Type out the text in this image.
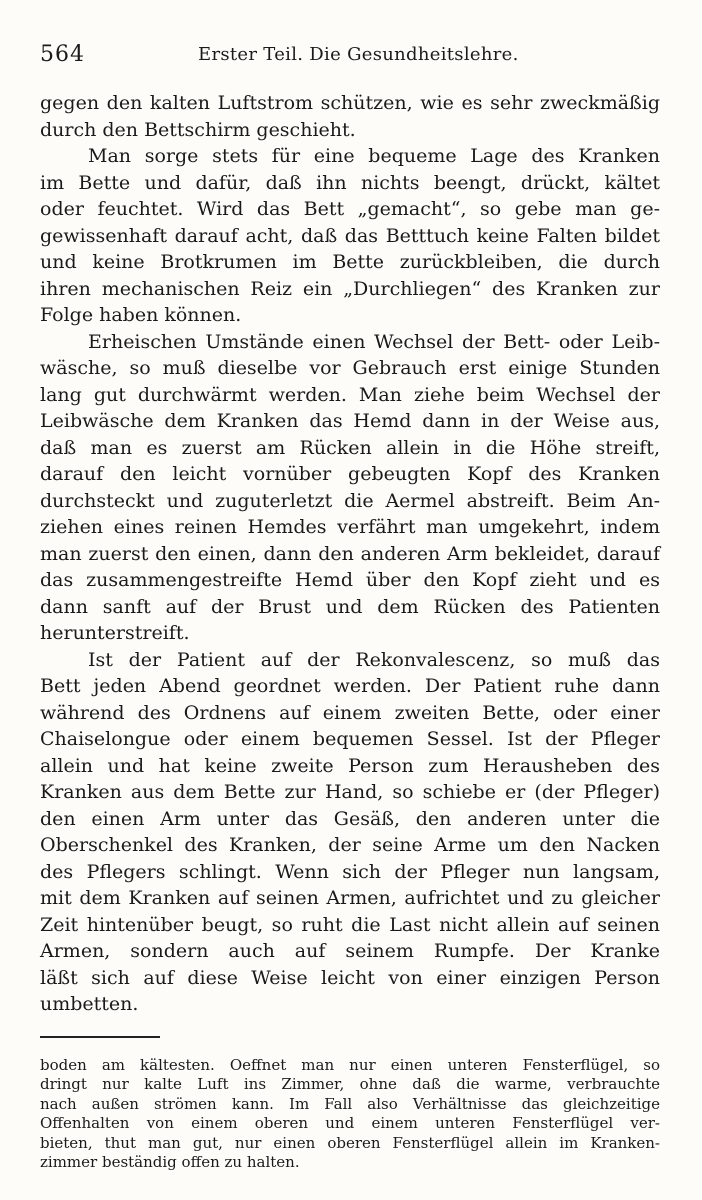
564	Erster Teil. Die Gesundheitslehre.

gegen den kalten Luftstrom schützen, wie es sehr zweckmäßig
durch den Bettschirm geschieht.

Man sorge stets für eine bequeme Lage des Kranken
im Bette und dafür, daß ihn nichts beengt, drückt, kältet
oder feuchtet. Wird das Bett „gemacht“, so gebe man ge-
gewissenhaft darauf acht, daß das Betttuch keine Falten bildet
und keine Brotkrumen im Bette zurückbleiben, die durch
ihren mechanischen Reiz ein „Durchliegen“ des Kranken zur
Folge haben können.

Erheischen Umstände einen Wechsel der Bett- oder Leib-
wäsche, so muß dieselbe vor Gebrauch erst einige Stunden
lang gut durchwärmt werden. Man ziehe beim Wechsel der
Leibwäsche dem Kranken das Hemd dann in der Weise aus,
daß man es zuerst am Rücken allein in die Höhe streift,
darauf den leicht vornüber gebeugten Kopf des Kranken
durchsteckt und zuguterletzt die Aermel abstreift. Beim An-
ziehen eines reinen Hemdes verfährt man umgekehrt, indem
man zuerst den einen, dann den anderen Arm bekleidet, darauf
das zusammengestreifte Hemd über den Kopf zieht und es
dann sanft auf der Brust und dem Rücken des Patienten
herunterstreift.

Ist der Patient auf der Rekonvalescenz, so muß das
Bett jeden Abend geordnet werden. Der Patient ruhe dann
während des Ordnens auf einem zweiten Bette, oder einer
Chaiselongue oder einem bequemen Sessel. Ist der Pfleger
allein und hat keine zweite Person zum Herausheben des
Kranken aus dem Bette zur Hand, so schiebe er (der Pfleger)
den einen Arm unter das Gesäß, den anderen unter die
Oberschenkel des Kranken, der seine Arme um den Nacken
des Pflegers schlingt. Wenn sich der Pfleger nun langsam,
mit dem Kranken auf seinen Armen, aufrichtet und zu gleicher
Zeit hintenüber beugt, so ruht die Last nicht allein auf seinen
Armen, sondern auch auf seinem Rumpfe. Der Kranke
läßt sich auf diese Weise leicht von einer einzigen Person
umbetten.

boden am kältesten. Oeffnet man nur einen unteren Fensterflügel, so
dringt nur kalte Luft ins Zimmer, ohne daß die warme, verbrauchte
nach außen strömen kann. Im Fall also Verhältnisse das gleichzeitige
Offenhalten von einem oberen und einem unteren Fensterflügel ver-
bieten, thut man gut, nur einen oberen Fensterflügel allein im Kranken-
zimmer beständig offen zu halten.
